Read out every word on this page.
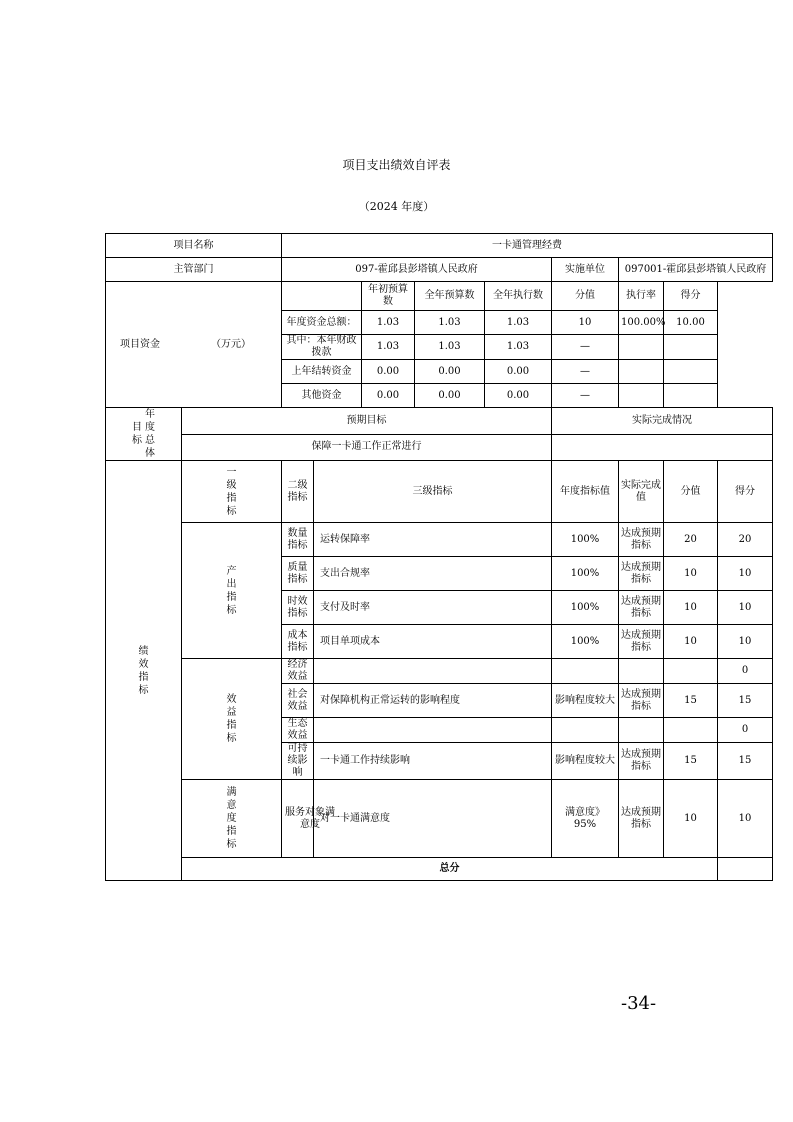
项目支出绩效自评表
（2024 年度）
项目名称		一卡通管理经费									
主管部门		097-霍邱县彭塔镇人民政府					实施单位	097001-霍邱县彭塔镇人民政府			

项目资金 （万元）				年初预算数	全年预算数	全年执行数	分值	执行率	得分		
		年度资金总额：		1.03	1.03	1.03	10	100.00%	10.00		
		其中：本年财政拨款		1.03	1.03	1.03	—				
		上年结转资金		0.00	0.00	0.00	—				
		其他资金		0.00	0.00	0.00	—				

目标
年度总体	预期目标						实际完成情况				
	保障一卡通工作正常进行										
绩效指标	一级指标	二级指标	三级指标				年度指标值	实际完成值	分值	得分	
	产出指标	数量指标	运转保障率				100%	达成预期指标	20	20	
		质量指标	支出合规率				100%	达成预期指标	10	10	
		时效指标	支付及时率				100%	达成预期指标	10	10	
		成本指标	项目单项成本				100%	达成预期指标	10	10	
	效益指标	经济效益								0	
		社会效益	对保障机构正常运转的影响程度				影响程度较大	达成预期指标	15	15	
		生态效益								0	
		可持续影响	一卡通工作持续影响				影响程度较大	达成预期指标	15	15	
	满意度指标	服务对象满意度	对一卡通满意度				满意度》95%	达成预期指标	10	10	
	总分			
-34-
